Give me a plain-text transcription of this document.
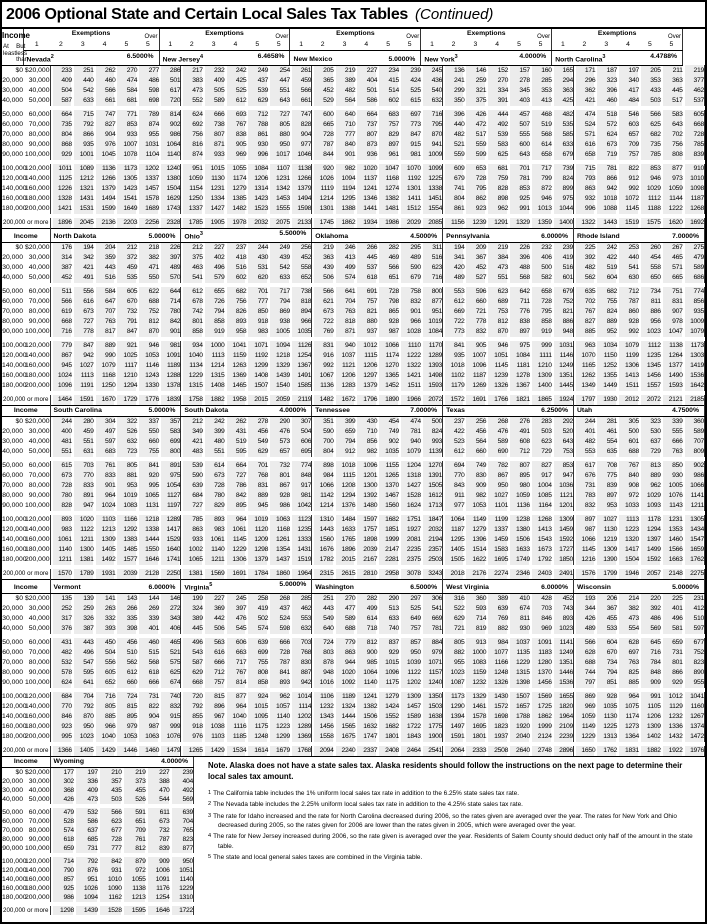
2006 Optional State and Certain Local Sales Tax Tables (Continued)
Income
At least
But less than
	Exemptions	Over	Exemptions	Over	Exemptions	Over	Exemptions	Over	Exemptions	Over

	1	2	3	4	5	5	1	2	3	4	5	5	1	2	3	4	5	5	1	2	3	4	5	5	1	2	3	4	5	5	

	Nevada$^2$ 6.5000%						New Jersey$^4$ 6.4658%						New Mexico 5.0000%						New York$^3$ 4.0000%						North Carolina$^3$ 4.4788%						

$0	$20,000	233	251	262	270	277	286	217	232	242	249	254	261	205	219	227	234	239	245	136	146	152	157	160	165	171	187	197	205	211	219
20,000	30,000	409	440	460	474	486	501	383	409	425	437	447	459	365	389	404	415	424	436	241	259	270	278	285	294	296	323	340	353	363	377
30,000	40,000	504	542	566	584	598	617	473	505	525	539	551	566	452	482	501	514	525	540	299	321	334	345	353	363	362	396	417	433	445	462
40,000	50,000	587	633	661	681	698	720	552	589	612	629	643	661	529	564	586	602	615	632	350	375	391	403	413	425	421	460	484	503	517	537

50,000	60,000	664	715	747	771	789	814	624	666	693	712	727	747	600	640	664	683	697	716	396	426	444	457	468	482	474	518	546	566	583	605
60,000	70,000	735	792	827	853	874	902	692	738	767	788	805	828	665	710	737	757	773	795	440	472	492	507	519	535	524	572	603	625	643	668
70,000	80,000	804	866	904	933	955	986	756	807	838	861	880	904	728	777	807	829	847	870	482	517	539	555	568	585	571	624	657	682	702	728
80,000	90,000	868	935	976	1007	1031	1064	816	871	905	930	950	977	787	840	873	897	915	941	521	559	583	600	614	633	616	673	709	735	756	785
90,000	100,000	929	1001	1045	1078	1104	1140	874	933	969	996	1017	1046	844	901	936	961	981	1009	559	599	625	643	658	679	658	719	757	785	808	839

100,000	120,000	1011	1089	1136	1173	1202	1240	951	1015	1055	1084	1107	1138	920	982	1020	1047	1070	1099	609	653	681	701	717	739	715	781	822	853	877	910
120,000	140,000	1125	1212	1266	1305	1337	1380	1059	1130	1174	1206	1231	1266	1026	1094	1137	1168	1192	1225	679	728	759	781	799	824	793	866	912	946	973	1010
140,000	160,000	1226	1321	1379	1423	1457	1504	1154	1231	1279	1314	1342	1379	1119	1194	1241	1274	1301	1338	741	795	828	853	872	899	863	942	992	1029	1059	1098
160,000	180,000	1328	1431	1494	1541	1578	1629	1250	1334	1385	1423	1453	1494	1214	1295	1346	1382	1411	1451	804	862	898	925	946	975	932	1018	1072	1112	1144	1187
180,000	200,000	1421	1531	1599	1649	1689	1743	1337	1427	1482	1523	1555	1598	1301	1388	1441	1481	1512	1554	861	923	962	991	1013	1044	996	1088	1145	1188	1222	1268

200,000 or more		1896	2045	2136	2203	2256	2328	1785	1905	1978	2032	2075	2133	1745	1862	1934	1986	2029	2085	1156	1239	1291	1329	1359	1400	1322	1443	1519	1575	1620	1692
Income		North Dakota 5.0000%						Ohio$^3$ 5.5000%						Oklahoma 4.5000%						Pennsylvania 6.0000%						Rhode Island 7.0000%					

$0	$20,000	176	194	204	212	218	226	212	227	237	244	249	256	219	246	266	282	295	311	194	209	219	226	232	239	225	242	253	260	267	275
20,000	30,000	314	342	359	372	382	397	375	402	418	430	439	452	363	413	445	469	489	516	341	367	384	396	406	419	392	422	440	454	465	479
30,000	40,000	387	421	443	459	471	489	463	496	516	531	542	558	439	499	537	566	590	623	420	452	473	488	500	516	482	519	541	558	571	589
40,000	50,000	452	491	516	535	550	570	541	579	602	620	633	652	506	574	618	651	679	716	489	527	551	568	582	601	562	604	630	650	665	686

50,000	60,000	511	556	584	605	622	644	612	655	682	701	717	738	566	641	691	728	758	800	553	596	623	642	658	679	635	682	712	734	751	774
60,000	70,000	566	616	647	670	688	714	678	726	756	777	794	818	621	704	757	798	832	877	612	660	689	711	728	752	702	755	787	811	831	856
70,000	80,000	619	673	707	732	752	780	742	794	826	850	869	894	673	763	821	865	901	951	669	721	753	776	795	821	767	824	860	886	907	935
80,000	90,000	668	727	763	791	812	842	801	858	893	918	938	966	722	818	880	928	966	1019	722	778	812	838	858	886	827	889	928	956	978	1009
90,000	100,000	716	778	817	847	870	901	858	919	958	983	1005	1035	769	871	937	987	1028	1084	773	832	870	897	919	948	885	952	992	1023	1047	1079

100,000	120,000	779	847	889	921	946	981	934	1000	1041	1071	1094	1126	831	940	1012	1066	1110	1170	841	905	946	975	999	1031	963	1034	1079	1112	1138	1173
120,000	140,000	867	942	990	1025	1053	1091	1040	1113	1159	1192	1218	1254	916	1037	1115	1174	1222	1289	935	1007	1051	1084	1111	1146	1070	1150	1199	1235	1264	1303
140,000	160,000	945	1027	1079	1117	1146	1189	1134	1214	1263	1299	1329	1367	992	1121	1206	1270	1322	1393	1018	1096	1145	1181	1210	1249	1165	1252	1306	1345	1377	1419
160,000	180,000	1024	1113	1168	1210	1243	1288	1229	1315	1369	1408	1439	1491	1067	1206	1297	1365	1421	1498	1102	1187	1239	1278	1309	1351	1262	1355	1413	1456	1490	1536
180,000	200,000	1096	1191	1250	1294	1330	1378	1315	1408	1465	1507	1540	1585	1136	1283	1379	1452	1511	1593	1179	1269	1326	1367	1400	1445	1349	1449	1511	1557	1593	1642

200,000 or more		1464	1591	1670	1729	1776	1839	1758	1882	1958	2015	2059	2119	1482	1672	1796	1890	1966	2072	1572	1691	1766	1821	1865	1924	1797	1930	2012	2072	2121	2185
Income		South Carolina 5.0000%						South Dakota 4.0000%						Tennessee 7.0000%						Texas 6.2500%						Utah 4.7500%					

$0	$20,000	244	280	304	322	337	357	212	242	262	278	290	307	351	399	430	454	474	500	237	256	268	276	283	292	244	281	305	323	339	360
20,000	30,000	400	459	497	526	550	583	349	399	431	456	476	504	590	659	710	749	781	824	422	456	476	491	503	520	401	461	500	530	555	589
30,000	40,000	481	551	597	632	660	699	421	480	519	549	573	606	700	794	856	902	940	993	523	564	589	608	623	643	482	554	601	637	666	707
40,000	50,000	551	631	683	723	755	800	483	551	595	629	657	695	804	912	982	1035	1079	1139	612	660	690	712	729	753	553	635	688	729	763	809

50,000	60,000	615	703	761	805	841	891	539	614	664	701	732	774	898	1018	1096	1155	1204	1270	694	749	782	807	827	853	617	708	767	813	850	902
60,000	70,000	673	770	833	881	920	975	590	673	727	768	801	848	984	1115	1201	1265	1318	1391	770	830	867	895	917	947	676	775	840	889	930	986
70,000	80,000	728	833	901	953	995	1054	639	728	786	831	867	917	1066	1208	1300	1370	1427	1505	843	909	950	980	1004	1036	731	839	908	962	1005	1066
80,000	90,000	780	891	964	1019	1065	1127	684	780	842	889	928	981	1142	1294	1392	1467	1528	1612	911	982	1027	1059	1085	1121	783	897	972	1029	1076	1141
90,000	100,000	828	947	1024	1083	1131	1197	727	829	895	945	986	1042	1214	1376	1480	1560	1624	1713	977	1053	1101	1136	1164	1201	832	953	1033	1093	1143	1211

100,000	120,000	893	1020	1103	1166	1218	1289	785	893	964	1019	1063	1123	1310	1484	1597	1682	1751	1847	1064	1149	1199	1238	1268	1309	897	1027	1113	1178	1231	1305
120,000	140,000	983	1122	1213	1292	1338	1417	863	983	1061	1120	1168	1235	1443	1633	1757	1851	1927	2032	1187	1279	1337	1380	1413	1459	987	1130	1223	1294	1353	1434
140,000	160,000	1061	1211	1309	1383	1444	1529	933	1061	1145	1209	1261	1333	1560	1765	1898	1999	2081	2194	1295	1396	1459	1506	1543	1592	1066	1219	1320	1397	1460	1547
160,000	180,000	1140	1300	1405	1485	1550	1640	1002	1140	1229	1298	1354	1431	1676	1896	2039	2147	2235	2357	1405	1514	1583	1633	1673	1727	1145	1309	1417	1499	1566	1659
180,000	200,000	1211	1381	1492	1577	1646	1741	1065	1211	1306	1379	1437	1519	1782	2015	2167	2281	2375	2503	1505	1622	1695	1749	1792	1850	1216	1390	1504	1592	1663	1762

200,000 or more		1570	1789	1931	2039	2128	2250	1381	1569	1691	1784	1860	1964	2315	2615	2810	2958	3078	3243	2018	2176	2274	2346	2403	2491	1576	1799	1946	2057	2148	2275
Income		Vermont 6.0000%						Virginia$^5$ 5.0000%						Washington 6.5000%						West Virginia 6.0000%						Wisconsin 5.0000%					

$0	$20,000	135	139	141	143	144	146	199	227	245	258	268	285	251	270	282	290	297	306	316	360	389	410	428	452	193	206	214	220	225	231
20,000	30,000	252	259	263	266	269	272	324	369	397	419	437	462	443	477	499	513	525	541	522	593	639	674	703	743	344	367	382	392	401	412
30,000	40,000	317	326	332	335	339	343	389	442	476	502	524	553	549	589	614	633	649	669	629	714	769	811	846	893	426	455	473	486	496	510
40,000	50,000	376	387	393	398	401	406	445	506	545	574	598	632	640	688	718	740	757	781	721	819	882	930	969	1023	489	533	554	569	581	597

50,000	60,000	431	443	450	456	460	465	496	563	606	639	666	703	724	779	812	837	857	884	805	913	984	1037	1091	1141	566	604	628	645	659	677
60,000	70,000	482	496	504	510	515	521	543	616	663	699	728	768	803	863	900	929	950	979	882	1000	1077	1135	1183	1249	628	670	697	716	731	752
70,000	80,000	532	547	556	562	568	575	587	666	717	755	787	830	878	944	985	1015	1039	1071	955	1083	1166	1229	1280	1351	688	734	763	784	801	823
80,000	90,000	578	595	605	612	618	625	629	712	767	808	841	887	948	1020	1064	1096	1122	1157	1023	1159	1248	1315	1370	1446	744	794	825	848	866	890
90,000	100,000	624	641	652	660	666	674	668	757	814	858	893	942	1016	1092	1140	1175	1202	1240	1087	1232	1326	1398	1456	1536	797	851	885	909	929	955

100,000	120,000	684	704	716	724	731	740	720	815	877	924	962	1014	1106	1189	1241	1279	1309	1350	1173	1329	1430	1507	1569	1655	869	928	964	991	1012	1041
120,000	140,000	770	792	805	815	822	832	792	896	964	1015	1057	1114	1232	1324	1382	1424	1457	1503	1290	1461	1572	1657	1725	1820	969	1035	1075	1105	1129	1160
140,000	160,000	846	870	885	895	904	915	855	967	1040	1095	1140	1202	1343	1444	1506	1552	1589	1638	1394	1578	1698	1788	1862	1964	1059	1130	1174	1206	1232	1267
160,000	180,000	923	950	966	979	987	999	918	1038	1116	1175	1223	1289	1456	1565	1632	1682	1722	1775	1497	1695	1823	1920	1999	2109	1149	1225	1273	1309	1336	1374
180,000	200,000	995	1023	1040	1053	1063	1076	976	1103	1185	1248	1299	1369	1558	1675	1747	1801	1843	1900	1591	1801	1937	2040	2124	2239	1229	1313	1364	1402	1432	1472

200,000 or more		1366	1405	1429	1446	1460	1479	1265	1429	1534	1614	1679	1768	2094	2240	2337	2408	2464	2541	2064	2333	2508	2640	2748	2896	1650	1762	1831	1882	1922	1976
Income		Wyoming 4.0000%					

$0	$20,000	177	197	210	219	227	239
20,000	30,000	302	336	357	373	388	404
30,000	40,000	368	409	435	455	470	492
40,000	50,000	426	473	503	526	544	569

50,000	60,000	479	532	566	591	611	639
60,000	70,000	528	586	623	651	673	704
70,000	80,000	574	637	677	709	732	765
80,000	90,000	618	685	728	761	787	823
90,000	100,000	659	731	777	812	839	877

100,000	120,000	714	792	842	879	909	950
120,000	140,000	790	876	931	972	1006	1051
140,000	160,000	857	951	1010	1055	1091	1140
160,000	180,000	925	1026	1090	1138	1176	1229
180,000	200,000	986	1094	1162	1213	1254	1310

200,000 or more		1298	1439	1528	1595	1646	1722

Note. Alaska does not have a state sales tax. Alaska residents should follow the instructions on the next page to determine their local sales tax amount.

1 The California table includes the 1% uniform local sales tax rate in addition to the 6.25% state sales tax rate.

2 The Nevada table includes the 2.25% uniform local sales tax rate in addition to the 4.25% state sales tax rate.

3 The rate for Idaho increased and the rate for North Carolina decreased during 2006, so the rates given are averaged over the year. The rates for New York and Ohio decreased during 2005, so the rates given for 2006 are lower than the rates given in 2005, which were averaged over the year.

4 The rate for New Jersey increased during 2006, so the rate given is averaged over the year. Residents of Salem County should deduct only half of the amount in the state table.

5 The state and local general sales taxes are combined in the Virginia table.
